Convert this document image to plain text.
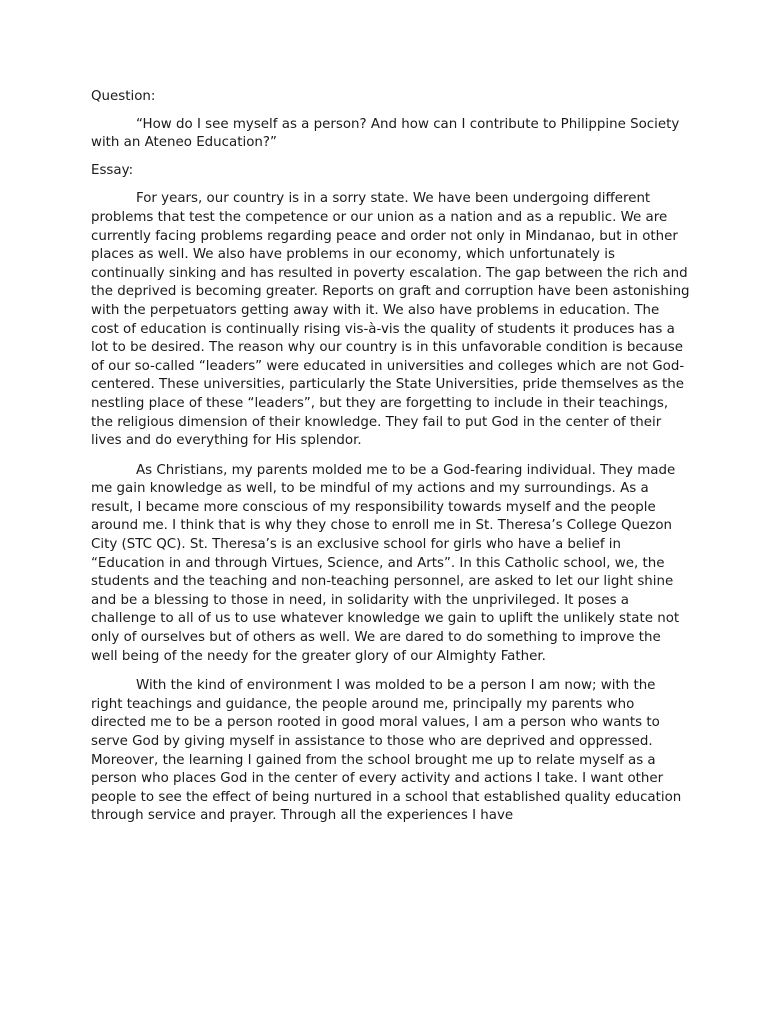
Question:

“How do I see myself as a person? And how can I contribute to Philippine Society with an Ateneo Education?”

Essay:

For years, our country is in a sorry state. We have been undergoing different problems that test the competence or our union as a nation and as a republic. We are currently facing problems regarding peace and order not only in Mindanao, but in other places as well. We also have problems in our economy, which unfortunately is continually sinking and has resulted in poverty escalation. The gap between the rich and the deprived is becoming greater. Reports on graft and corruption have been astonishing with the perpetuators getting away with it. We also have problems in education. The cost of education is continually rising vis-à-vis the quality of students it produces has a lot to be desired. The reason why our country is in this unfavorable condition is because of our so-called “leaders” were educated in universities and colleges which are not God-centered. These universities, particularly the State Universities, pride themselves as the nestling place of these “leaders”, but they are forgetting to include in their teachings, the religious dimension of their knowledge. They fail to put God in the center of their lives and do everything for His splendor.

As Christians, my parents molded me to be a God-fearing individual. They made me gain knowledge as well, to be mindful of my actions and my surroundings. As a result, I became more conscious of my responsibility towards myself and the people around me. I think that is why they chose to enroll me in St. Theresa’s College Quezon City (STC QC). St. Theresa’s is an exclusive school for girls who have a belief in “Education in and through Virtues, Science, and Arts”. In this Catholic school, we, the students and the teaching and non-teaching personnel, are asked to let our light shine and be a blessing to those in need, in solidarity with the unprivileged. It poses a challenge to all of us to use whatever knowledge we gain to uplift the unlikely state not only of ourselves but of others as well. We are dared to do something to improve the well being of the needy for the greater glory of our Almighty Father.

With the kind of environment I was molded to be a person I am now; with the right teachings and guidance, the people around me, principally my parents who directed me to be a person rooted in good moral values, I am a person who wants to serve God by giving myself in assistance to those who are deprived and oppressed. Moreover, the learning I gained from the school brought me up to relate myself as a person who places God in the center of every activity and actions I take. I want other people to see the effect of being nurtured in a school that established quality education through service and prayer. Through all the experiences I have
